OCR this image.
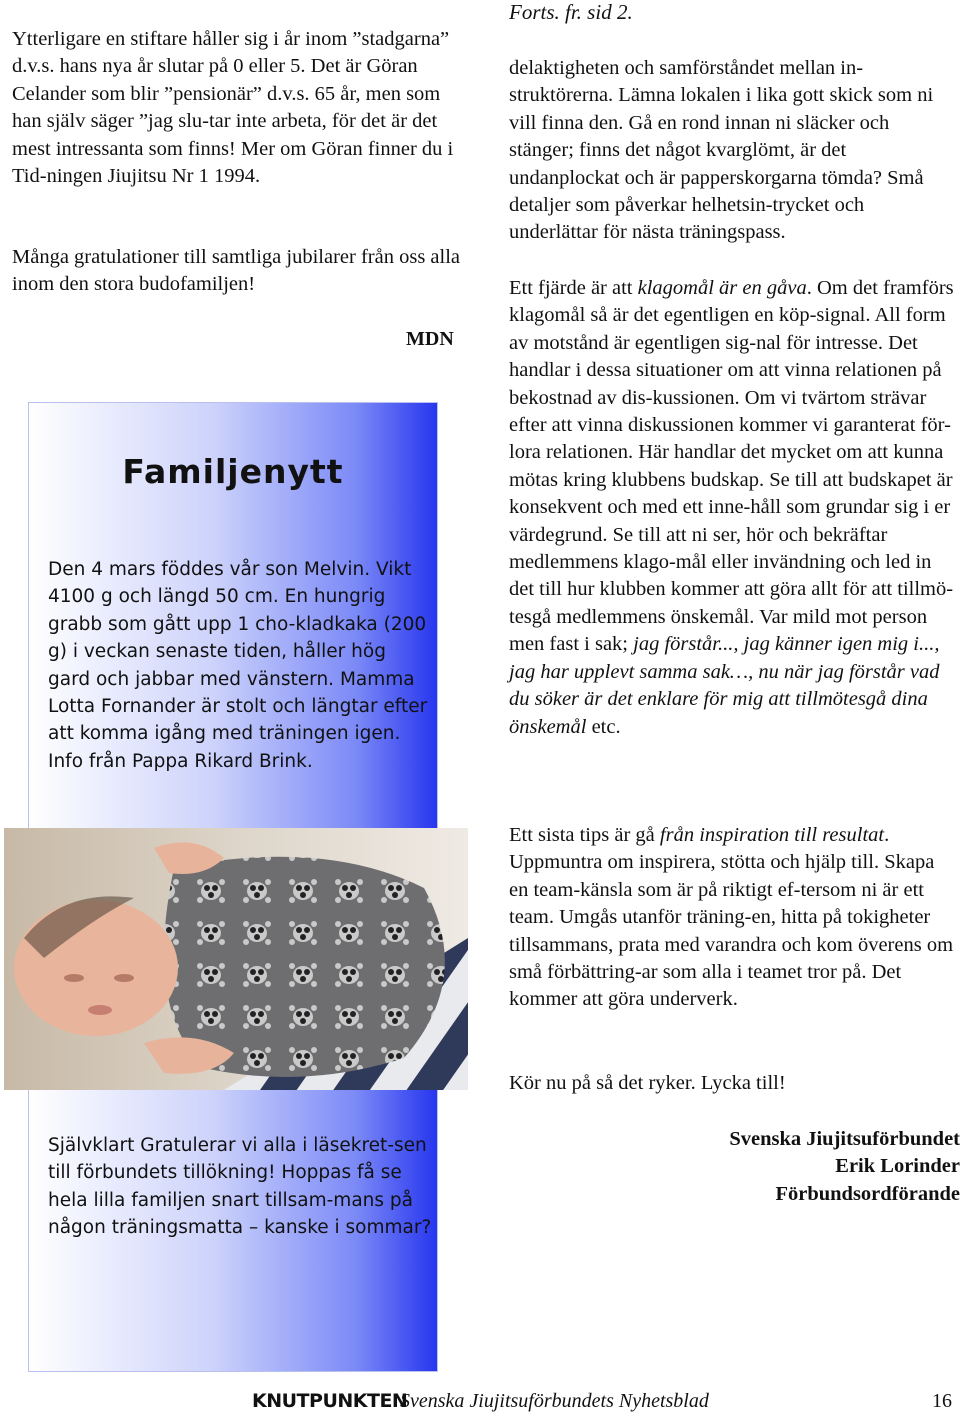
Ytterligare en stiftare håller sig i år inom ”stadgarna” d.v.s. hans nya år slutar på 0 eller 5. Det är Göran Celander som blir ”pensionär” d.v.s. 65 år, men som han själv säger ”jag slu-tar inte arbeta, för det är det mest intressanta som finns! Mer om Göran finner du i Tid-ningen Jiujitsu Nr 1 1994.
Många gratulationer till samtliga jubilarer från oss alla inom den stora budofamiljen!
MDN
Familjenytt

Den 4 mars föddes vår son Melvin. Vikt 4100 g och längd 50 cm. En hungrig grabb som gått upp 1 cho-kladkaka (200 g) i veckan senaste tiden, håller hög gard och jabbar med vänstern. Mamma Lotta Fornander är stolt och längtar efter att komma igång med träningen igen.

Info från Pappa Rikard Brink.

Självklart Gratulerar vi alla i läsekret-sen till förbundets tillökning! Hoppas få se hela lilla familjen snart tillsam-mans på någon träningsmatta – kanske i sommar?

Forts. fr. sid 2.

delaktigheten och samförståndet mellan in-struktörerna. Lämna lokalen i lika gott skick som ni vill finna den. Gå en rond innan ni släcker och stänger; finns det något kvarglömt, är det undanplockat och är papperskorgarna tömda? Små detaljer som påverkar helhetsin-trycket och underlättar för nästa träningspass.
Ett fjärde är att klagomål är en gåva. Om det framförs klagomål så är det egentligen en köp-signal. All form av motstånd är egentligen sig-nal för intresse. Det handlar i dessa situationer om att vinna relationen på bekostnad av dis-kussionen. Om vi tvärtom strävar efter att vinna diskussionen kommer vi garanterat för-lora relationen. Här handlar det mycket om att kunna mötas kring klubbens budskap. Se till att budskapet är konsekvent och med ett inne-håll som grundar sig i er värdegrund. Se till att ni ser, hör och bekräftar medlemmens klago-mål eller invändning och led in det till hur klubben kommer att göra allt för att tillmö-tesgå medlemmens önskemål. Var mild mot person men fast i sak; jag förstår..., jag känner igen mig i..., jag har upplevt samma sak…, nu när jag förstår vad du söker är det enklare för mig att tillmötesgå dina önskemål etc.
Ett sista tips är gå från inspiration till resultat. Uppmuntra om inspirera, stötta och hjälp till. Skapa en team-känsla som är på riktigt ef-tersom ni är ett team. Umgås utanför träning-en, hitta på tokigheter tillsammans, prata med varandra och kom överens om små förbättring-ar som alla i teamet tror på. Det kommer att göra underverk.
Kör nu på så det ryker. Lycka till!
Svenska Jiujitsuförbundet
Erik Lorinder
Förbundsordförande
KNUTPUNKTEN
Svenska Jiujitsuförbundets Nyhetsblad	16
